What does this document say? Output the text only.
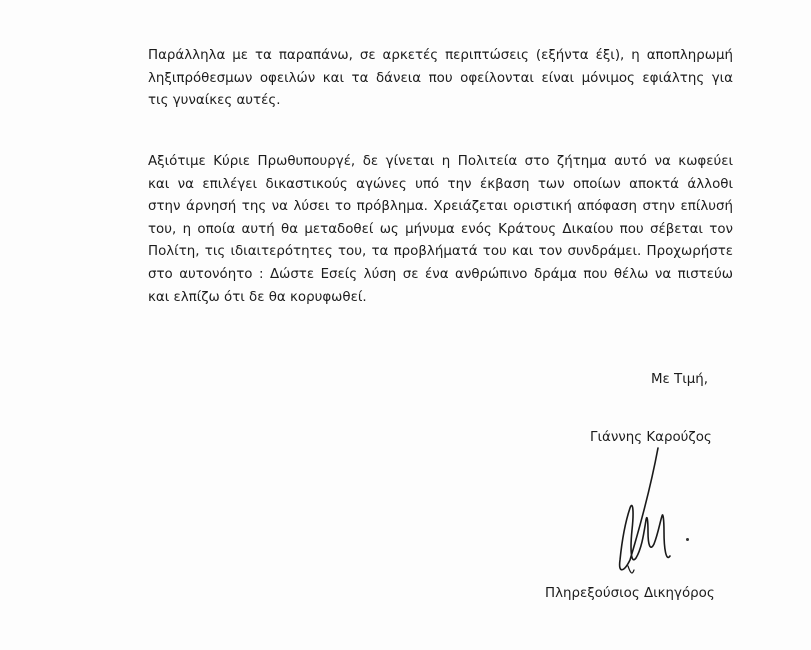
Παράλληλα με τα παραπάνω, σε αρκετές περιπτώσεις (εξήντα έξι), η αποπληρωμή
ληξιπρόθεσμων οφειλών και τα δάνεια που οφείλονται είναι μόνιμος εφιάλτης για
τις γυναίκες αυτές.

Αξιότιμε Κύριε Πρωθυπουργέ, δε γίνεται η Πολιτεία στο ζήτημα αυτό να κωφεύει
και να επιλέγει δικαστικούς αγώνες υπό την έκβαση των οποίων αποκτά άλλοθι
στην άρνησή της να λύσει το πρόβλημα. Χρειάζεται οριστική απόφαση στην επίλυσή
του, η οποία αυτή θα μεταδοθεί ως μήνυμα ενός Κράτους Δικαίου που σέβεται τον
Πολίτη, τις ιδιαιτερότητες του, τα προβλήματά του και τον συνδράμει. Προχωρήστε
στο αυτονόητο : Δώστε Εσείς λύση σε ένα ανθρώπινο δράμα που θέλω να πιστεύω
και ελπίζω ότι δε θα κορυφωθεί.

Με Τιμή,
Γιάννης Καρούζος
Πληρεξούσιος Δικηγόρος
